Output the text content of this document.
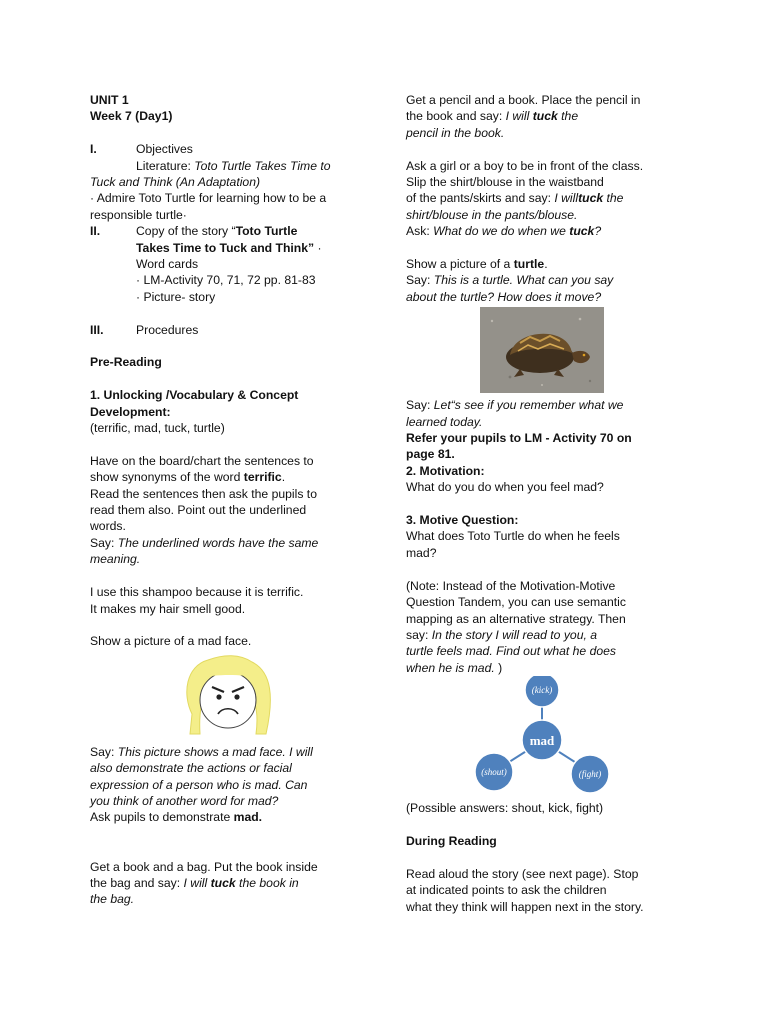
UNIT 1

Week 7 (Day1)

I.	Objectives

Literature: Toto Turtle Takes Time to

Tuck and Think (An Adaptation)

· Admire Toto Turtle for learning how to be a

responsible turtle·

II.	Copy of the story “Toto Turtle

Takes Time to Tuck and Think” ·

Word cards

· LM-Activity 70, 71, 72 pp. 81-83

· Picture- story

III.	Procedures

Pre-Reading

1. Unlocking /Vocabulary & Concept

Development:

(terrific, mad, tuck, turtle)

Have on the board/chart the sentences to

show synonyms of the word terrific.

Read the sentences then ask the pupils to

read them also. Point out the underlined

words.

Say: The underlined words have the same

meaning.

I use this shampoo because it is terrific.

It makes my hair smell good.

Show a picture of a mad face.

Say: This picture shows a mad face. I will

also demonstrate the actions or facial

expression of a person who is mad. Can

you think of another word for mad?

Ask pupils to demonstrate mad.

Get a book and a bag. Put the book inside

the bag and say: I will tuck the book in

the bag.

Get a pencil and a book. Place the pencil in

the book and say: I will tuck the

pencil in the book.

Ask a girl or a boy to be in front of the class.

Slip the shirt/blouse in the waistband

of the pants/skirts and say: I willtuck the

shirt/blouse in the pants/blouse.

Ask: What do we do when we tuck?

Show a picture of a turtle.

Say: This is a turtle. What can you say

about the turtle? How does it move?

Say: Let“s see if you remember what we

learned today.

Refer your pupils to LM - Activity 70 on

page 81.

2. Motivation:

What do you do when you feel mad?

3. Motive Question:

What does Toto Turtle do when he feels

mad?

(Note: Instead of the Motivation-Motive

Question Tandem, you can use semantic

mapping as an alternative strategy. Then

say: In the story I will read to you, a

turtle feels mad. Find out what he does

when he is mad. )

(kick)
mad
(shout)	(fight)

(Possible answers: shout, kick, fight)

During Reading

Read aloud the story (see next page). Stop

at indicated points to ask the children

what they think will happen next in the story.
